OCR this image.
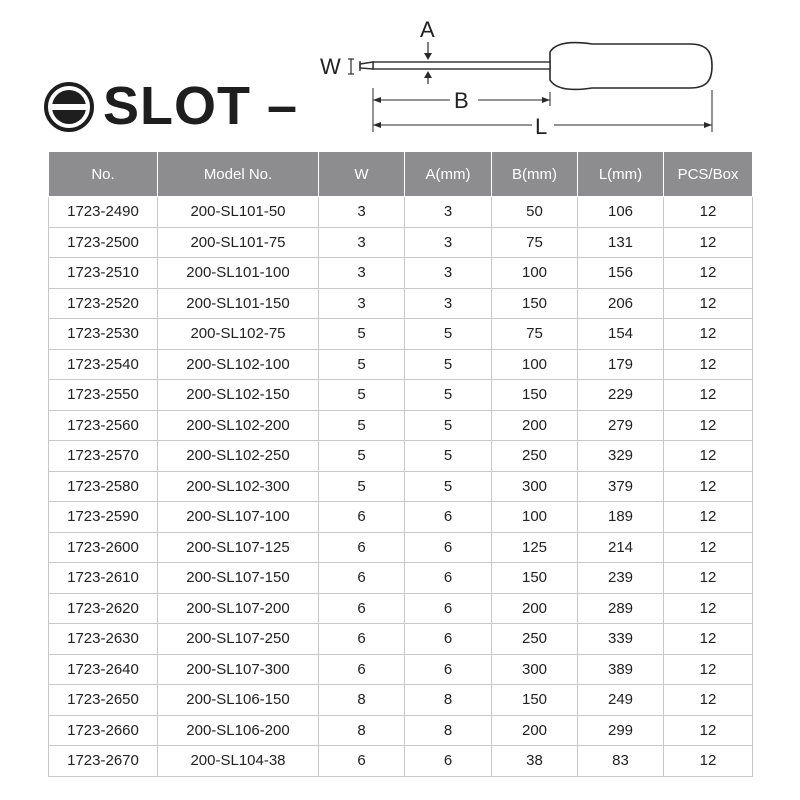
SLOT –
W
A
B
L
No.	Model No.	W	A(mm)	B(mm)	L(mm)	PCS/Box
1723-2490	200-SL101-50	3	3	50	106	12
1723-2500	200-SL101-75	3	3	75	131	12
1723-2510	200-SL101-100	3	3	100	156	12
1723-2520	200-SL101-150	3	3	150	206	12
1723-2530	200-SL102-75	5	5	75	154	12
1723-2540	200-SL102-100	5	5	100	179	12
1723-2550	200-SL102-150	5	5	150	229	12
1723-2560	200-SL102-200	5	5	200	279	12
1723-2570	200-SL102-250	5	5	250	329	12
1723-2580	200-SL102-300	5	5	300	379	12
1723-2590	200-SL107-100	6	6	100	189	12
1723-2600	200-SL107-125	6	6	125	214	12
1723-2610	200-SL107-150	6	6	150	239	12
1723-2620	200-SL107-200	6	6	200	289	12
1723-2630	200-SL107-250	6	6	250	339	12
1723-2640	200-SL107-300	6	6	300	389	12
1723-2650	200-SL106-150	8	8	150	249	12
1723-2660	200-SL106-200	8	8	200	299	12
1723-2670	200-SL104-38	6	6	38	83	12
